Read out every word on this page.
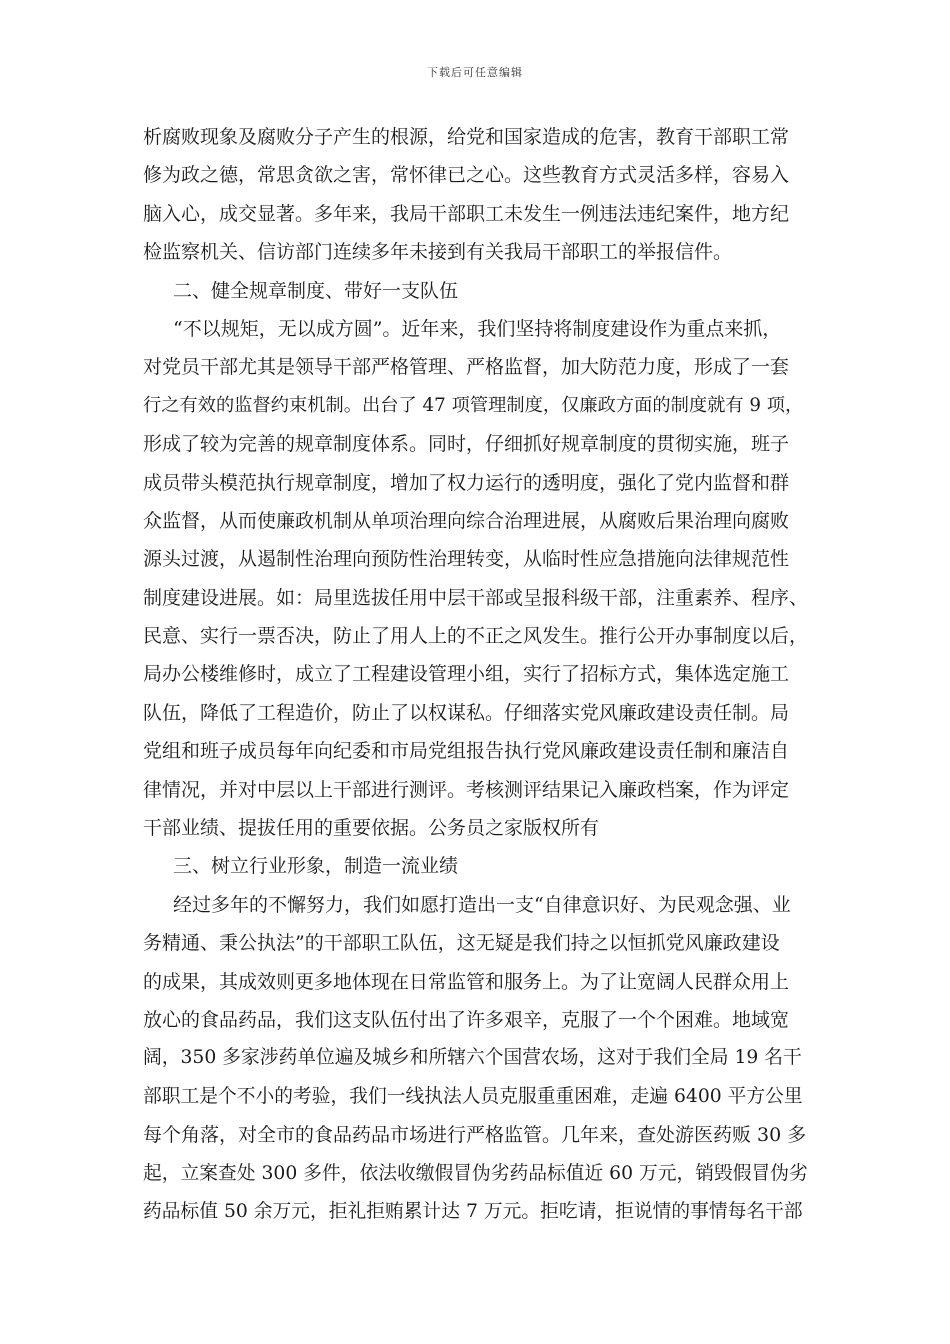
下载后可任意编辑
析腐败现象及腐败分子产生的根源，给党和国家造成的危害，教育干部职工常
修为政之德，常思贪欲之害，常怀律已之心。这些教育方式灵活多样，容易入
脑入心，成交显著。多年来，我局干部职工未发生一例违法违纪案件，地方纪
检监察机关、信访部门连续多年未接到有关我局干部职工的举报信件。
二、健全规章制度、带好一支队伍
“不以规矩，无以成方圆”。近年来，我们坚持将制度建设作为重点来抓，
对党员干部尤其是领导干部严格管理、严格监督，加大防范力度，形成了一套
行之有效的监督约束机制。出台了 47 项管理制度，仅廉政方面的制度就有 9 项，
形成了较为完善的规章制度体系。同时，仔细抓好规章制度的贯彻实施，班子
成员带头模范执行规章制度，增加了权力运行的透明度，强化了党内监督和群
众监督，从而使廉政机制从单项治理向综合治理进展，从腐败后果治理向腐败
源头过渡，从遏制性治理向预防性治理转变，从临时性应急措施向法律规范性
制度建设进展。如：局里选拔任用中层干部或呈报科级干部，注重素养、程序、
民意、实行一票否决，防止了用人上的不正之风发生。推行公开办事制度以后，
局办公楼维修时，成立了工程建设管理小组，实行了招标方式，集体选定施工
队伍，降低了工程造价，防止了以权谋私。仔细落实党风廉政建设责任制。局
党组和班子成员每年向纪委和市局党组报告执行党风廉政建设责任制和廉洁自
律情况，并对中层以上干部进行测评。考核测评结果记入廉政档案，作为评定
干部业绩、提拔任用的重要依据。公务员之家版权所有
三、树立行业形象，制造一流业绩
经过多年的不懈努力，我们如愿打造出一支“自律意识好、为民观念强、业
务精通、秉公执法”的干部职工队伍，这无疑是我们持之以恒抓党风廉政建设
的成果，其成效则更多地体现在日常监管和服务上。为了让宽阔人民群众用上
放心的食品药品，我们这支队伍付出了许多艰辛，克服了一个个困难。地域宽
阔，350 多家涉药单位遍及城乡和所辖六个国营农场，这对于我们全局 19 名干
部职工是个不小的考验，我们一线执法人员克服重重困难，走遍 6400 平方公里
每个角落，对全市的食品药品市场进行严格监管。几年来，查处游医药贩 30 多
起，立案查处 300 多件，依法收缴假冒伪劣药品标值近 60 万元，销毁假冒伪劣
药品标值 50 余万元，拒礼拒贿累计达 7 万元。拒吃请，拒说情的事情每名干部
